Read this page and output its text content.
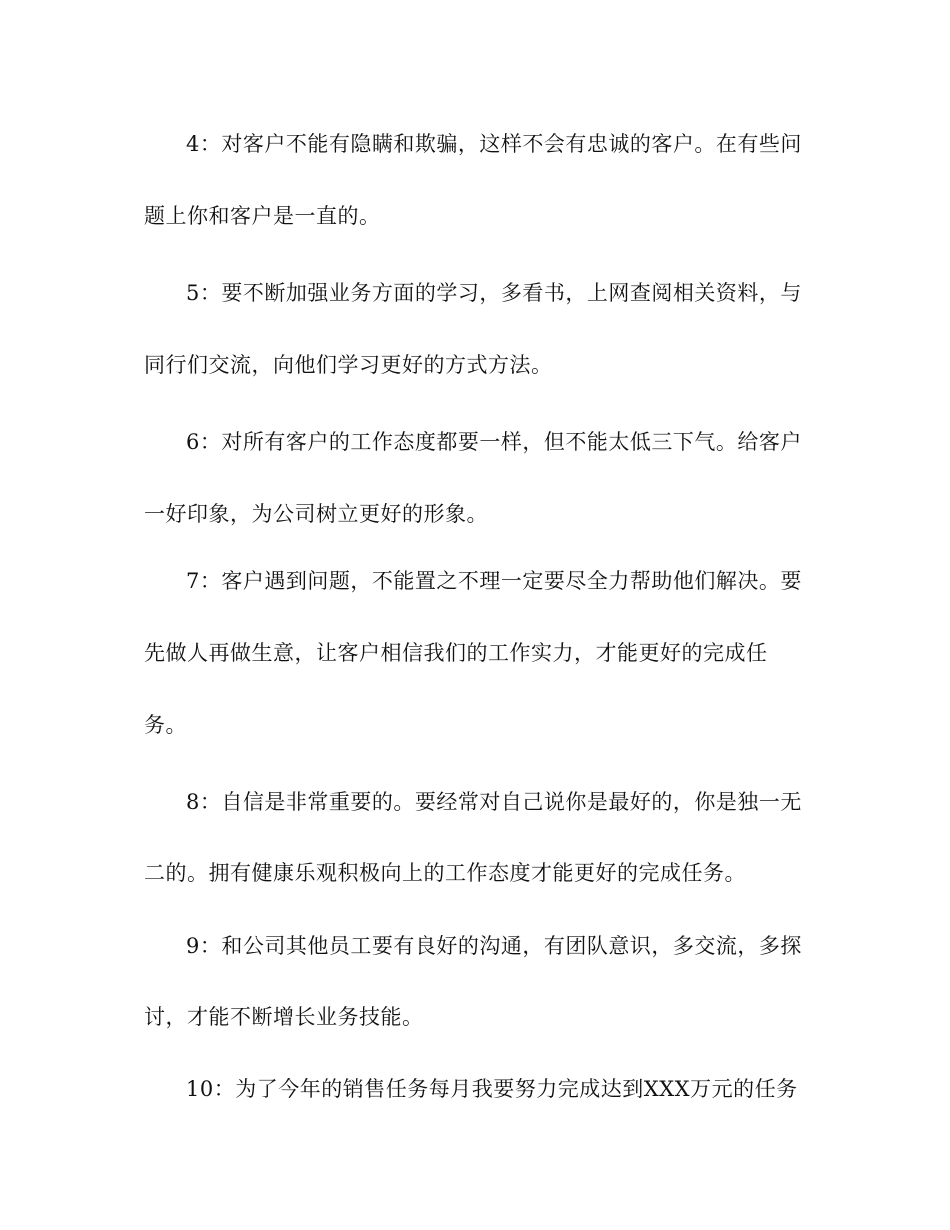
4：对客户不能有隐瞒和欺骗，这样不会有忠诚的客户。在有些问
题上你和客户是一直的。
5：要不断加强业务方面的学习，多看书，上网查阅相关资料，与
同行们交流，向他们学习更好的方式方法。
6：对所有客户的工作态度都要一样，但不能太低三下气。给客户
一好印象，为公司树立更好的形象。
7：客户遇到问题，不能置之不理一定要尽全力帮助他们解决。要
先做人再做生意，让客户相信我们的工作实力，才能更好的完成任
务。
8：自信是非常重要的。要经常对自己说你是最好的，你是独一无
二的。拥有健康乐观积极向上的工作态度才能更好的完成任务。
9：和公司其他员工要有良好的沟通，有团队意识，多交流，多探
讨，才能不断增长业务技能。
10：为了今年的销售任务每月我要努力完成达到XXX万元的任务
